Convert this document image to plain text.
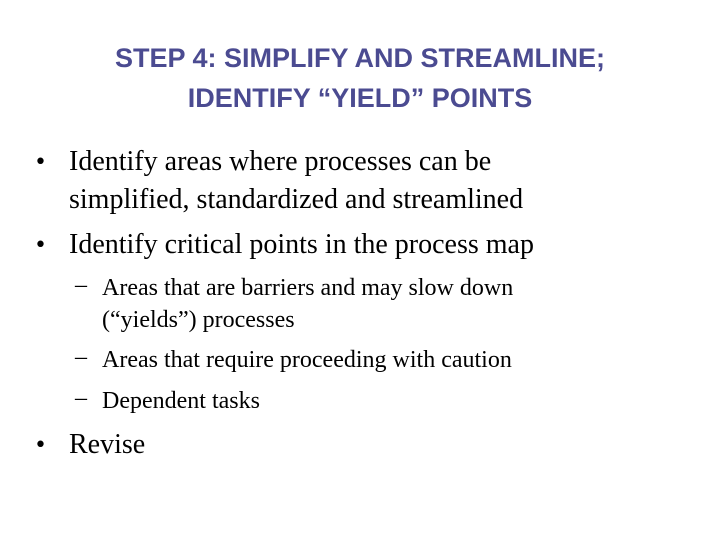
STEP 4: SIMPLIFY AND STREAMLINE;
IDENTIFY “YIELD” POINTS
• Identify areas where processes can be
simplified, standardized and streamlined
• Identify critical points in the process map
– Areas that are barriers and may slow down
(“yields”) processes
– Areas that require proceeding with caution
– Dependent tasks
• Revise
